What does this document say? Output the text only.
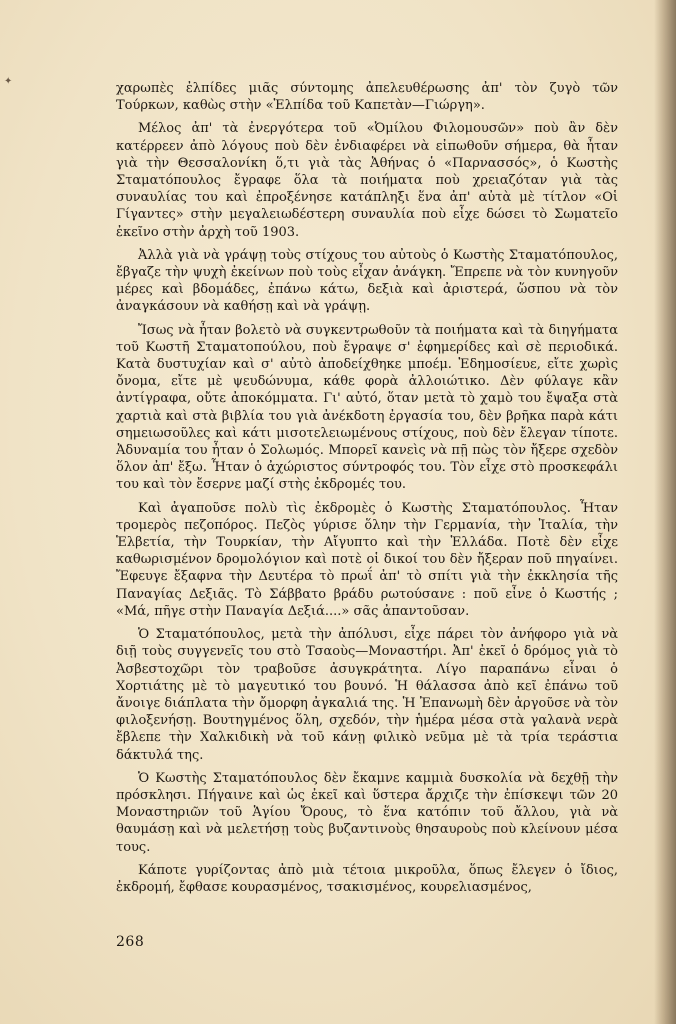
✦	χαρωπὲς ἐλπίδες μιᾶς σύντομης ἀπελευθέρωσης ἀπ' τὸν ζυγὸ τῶν Τούρκων, καθὼς στὴν «Ἐλπίδα τοῦ Καπετὰν—Γιώργη».

Μέλος ἀπ' τὰ ἐνεργότερα τοῦ «Ὀμίλου Φιλομουσῶν» ποὺ ἂν δὲν κατέρρεεν ἀπὸ λόγους ποὺ δὲν ἐνδιαφέρει νὰ εἰπωθοῦν σήμερα, θὰ ἦταν γιὰ τὴν Θεσσαλονίκη ὅ,τι γιὰ τὰς Ἀθήνας ὁ «Παρνασσός», ὁ Κωστὴς Σταματόπουλος ἔγραφε ὅλα τὰ ποιήματα ποὺ χρειαζόταν γιὰ τὰς συναυλίας του καὶ ἐπροξένησε κατάπληξι ἕνα ἀπ' αὐτὰ μὲ τίτλον «Οἱ Γίγαντες» στὴν μεγαλειωδέστερη συναυλία ποὺ εἶχε δώσει τὸ Σωματεῖο ἐκεῖνο στὴν ἀρχὴ τοῦ 1903.

Ἀλλὰ γιὰ νὰ γράψῃ τοὺς στίχους του αὐτοὺς ὁ Κωστὴς Σταματόπουλος, ἔβγαζε τὴν ψυχὴ ἐκείνων ποὺ τοὺς εἶχαν ἀνάγκη. Ἔπρεπε νὰ τὸν κυνηγοῦν μέρες καὶ βδομάδες, ἐπάνω κάτω, δεξιὰ καὶ ἀριστερά, ὥσπου νὰ τὸν ἀναγκάσουν νὰ καθήσῃ καὶ νὰ γράψῃ.

Ἴσως νὰ ἦταν βολετὸ νὰ συγκεντρωθοῦν τὰ ποιήματα καὶ τὰ διηγήματα τοῦ Κωστῆ Σταματοπούλου, ποὺ ἔγραψε σ' ἐφημερίδες καὶ σὲ περιοδικά. Κατὰ δυστυχίαν καὶ σ' αὐτὸ ἀποδείχθηκε μποέμ. Ἐδημοσίευε, εἴτε χωρὶς ὄνομα, εἴτε μὲ ψευδώνυμα, κάθε φορὰ ἀλλοιώτικο. Δὲν φύλαγε κἂν ἀντίγραφα, οὔτε ἀποκόμματα. Γι' αὐτό, ὅταν μετὰ τὸ χαμὸ του ἔψαξα στὰ χαρτιὰ καὶ στὰ βιβλία του γιὰ ἀνέκδοτη ἐργασία του, δὲν βρῆκα παρὰ κάτι σημειωσοῦλες καὶ κάτι μισοτελειωμένους στίχους, ποὺ δὲν ἔλεγαν τίποτε. Ἀδυναμία του ἦταν ὁ Σολωμός. Μπορεῖ κανεὶς νὰ πῇ πὼς τὸν ἤξερε σχεδὸν ὅλον ἀπ' ἔξω. Ἦταν ὁ ἀχώριστος σύντροφός του. Τὸν εἶχε στὸ προσκεφάλι του καὶ τὸν ἔσερνε μαζί στὴς ἐκδρομές του.

Καὶ ἀγαποῦσε πολὺ τὶς ἐκδρομὲς ὁ Κωστὴς Σταματόπουλος. Ἦταν τρομερὸς πεζοπόρος. Πεζὸς γύρισε ὅλην τὴν Γερμανία, τὴν Ἰταλία, τὴν Ἑλβετία, τὴν Τουρκίαν, τὴν Αἴγυπτο καὶ τὴν Ἑλλάδα. Ποτὲ δὲν εἶχε καθωρισμένον δρομολόγιον καὶ ποτὲ οἱ δικοί του δὲν ἤξεραν ποῦ πηγαίνει. Ἔφευγε ἔξαφνα τὴν Δευτέρα τὸ πρωΐ ἀπ' τὸ σπίτι γιὰ τὴν ἐκκλησία τῆς Παναγίας Δεξιᾶς. Τὸ Σάββατο βράδυ ρωτούσανε : ποῦ εἶνε ὁ Κωστής ; «Μά, πῆγε στὴν Παναγία Δεξιά....» σᾶς ἀπαντοῦσαν.

Ὁ Σταματόπουλος, μετὰ τὴν ἀπόλυσι, εἶχε πάρει τὸν ἀνήφορο γιὰ νὰ διῇ τοὺς συγγενεῖς του στὸ Τσαοὺς—Μοναστήρι. Ἀπ' ἐκεῖ ὁ δρόμος γιὰ τὸ Ἀσβεστοχῶρι τὸν τραβοῦσε ἀσυγκράτητα. Λίγο παραπάνω εἶναι ὁ Χορτιάτης μὲ τὸ μαγευτικό του βουνό. Ἡ θάλασσα ἀπὸ κεῖ ἐπάνω τοῦ ἄνοιγε διάπλατα τὴν ὄμορφη ἀγκαλιά της. Ἡ Ἐπανωμὴ δὲν ἀργοῦσε νὰ τὸν φιλοξενήσῃ. Βουτηγμένος ὅλη, σχεδόν, τὴν ἡμέρα μέσα στὰ γαλανὰ νερὰ ἔβλεπε τὴν Χαλκιδικὴ νὰ τοῦ κάνῃ φιλικὸ νεῦμα μὲ τὰ τρία τεράστια δάκτυλά της.

Ὁ Κωστὴς Σταματόπουλος δὲν ἔκαμνε καμμιὰ δυσκολία νὰ δεχθῇ τὴν πρόσκλησι. Πήγαινε καὶ ὡς ἐκεῖ καὶ ὕστερα ἄρχιζε τὴν ἐπίσκεψι τῶν 20 Μοναστηριῶν τοῦ Ἁγίου Ὄρους, τὸ ἕνα κατόπιν τοῦ ἄλλου, γιὰ νὰ θαυμάσῃ καὶ νὰ μελετήσῃ τοὺς βυζαντινοὺς θησαυροὺς ποὺ κλείνουν μέσα τους.

Κάποτε γυρίζοντας ἀπὸ μιὰ τέτοια μικροῦλα, ὅπως ἔλεγεν ὁ ἴδιος, ἐκδρομή, ἔφθασε κουρασμένος, τσακισμένος, κουρελιασμένος,

268
